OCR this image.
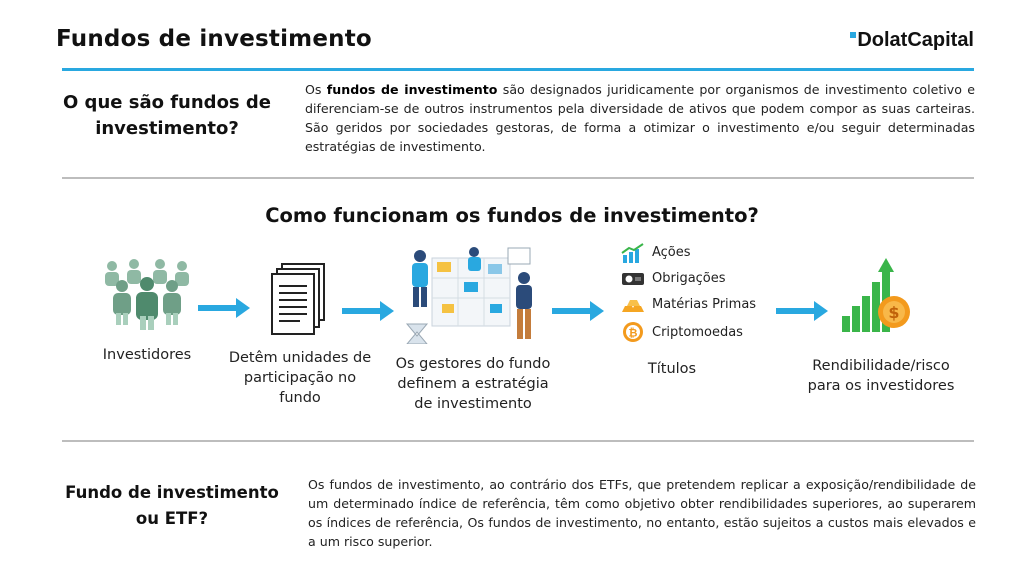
Fundos de investimento	DolatCapital
O que são fundos de investimento?
Os fundos de investimento são designados juridicamente por organismos de investimento coletivo e diferenciam-se de outros instrumentos pela diversidade de ativos que podem compor as suas carteiras. São geridos por sociedades gestoras, de forma a otimizar o investimento e/ou seguir determinadas estratégias de investimento.
Como funcionam os fundos de investimento?
Investidores	Detêm unidades de participação no fundo
Os gestores do fundo definem a estratégia de investimento
Ações
Obrigações
Matérias Primas
₿ Criptomoedas
Títulos
$
Rendibilidade/risco para os investidores
Fundo de investimento ou ETF?
Os fundos de investimento, ao contrário dos ETFs, que pretendem replicar a exposição/rendibilidade de um determinado índice de referência, têm como objetivo obter rendibilidades superiores, ao superarem os índices de referência, Os fundos de investimento, no entanto, estão sujeitos a custos mais elevados e a um risco superior.
